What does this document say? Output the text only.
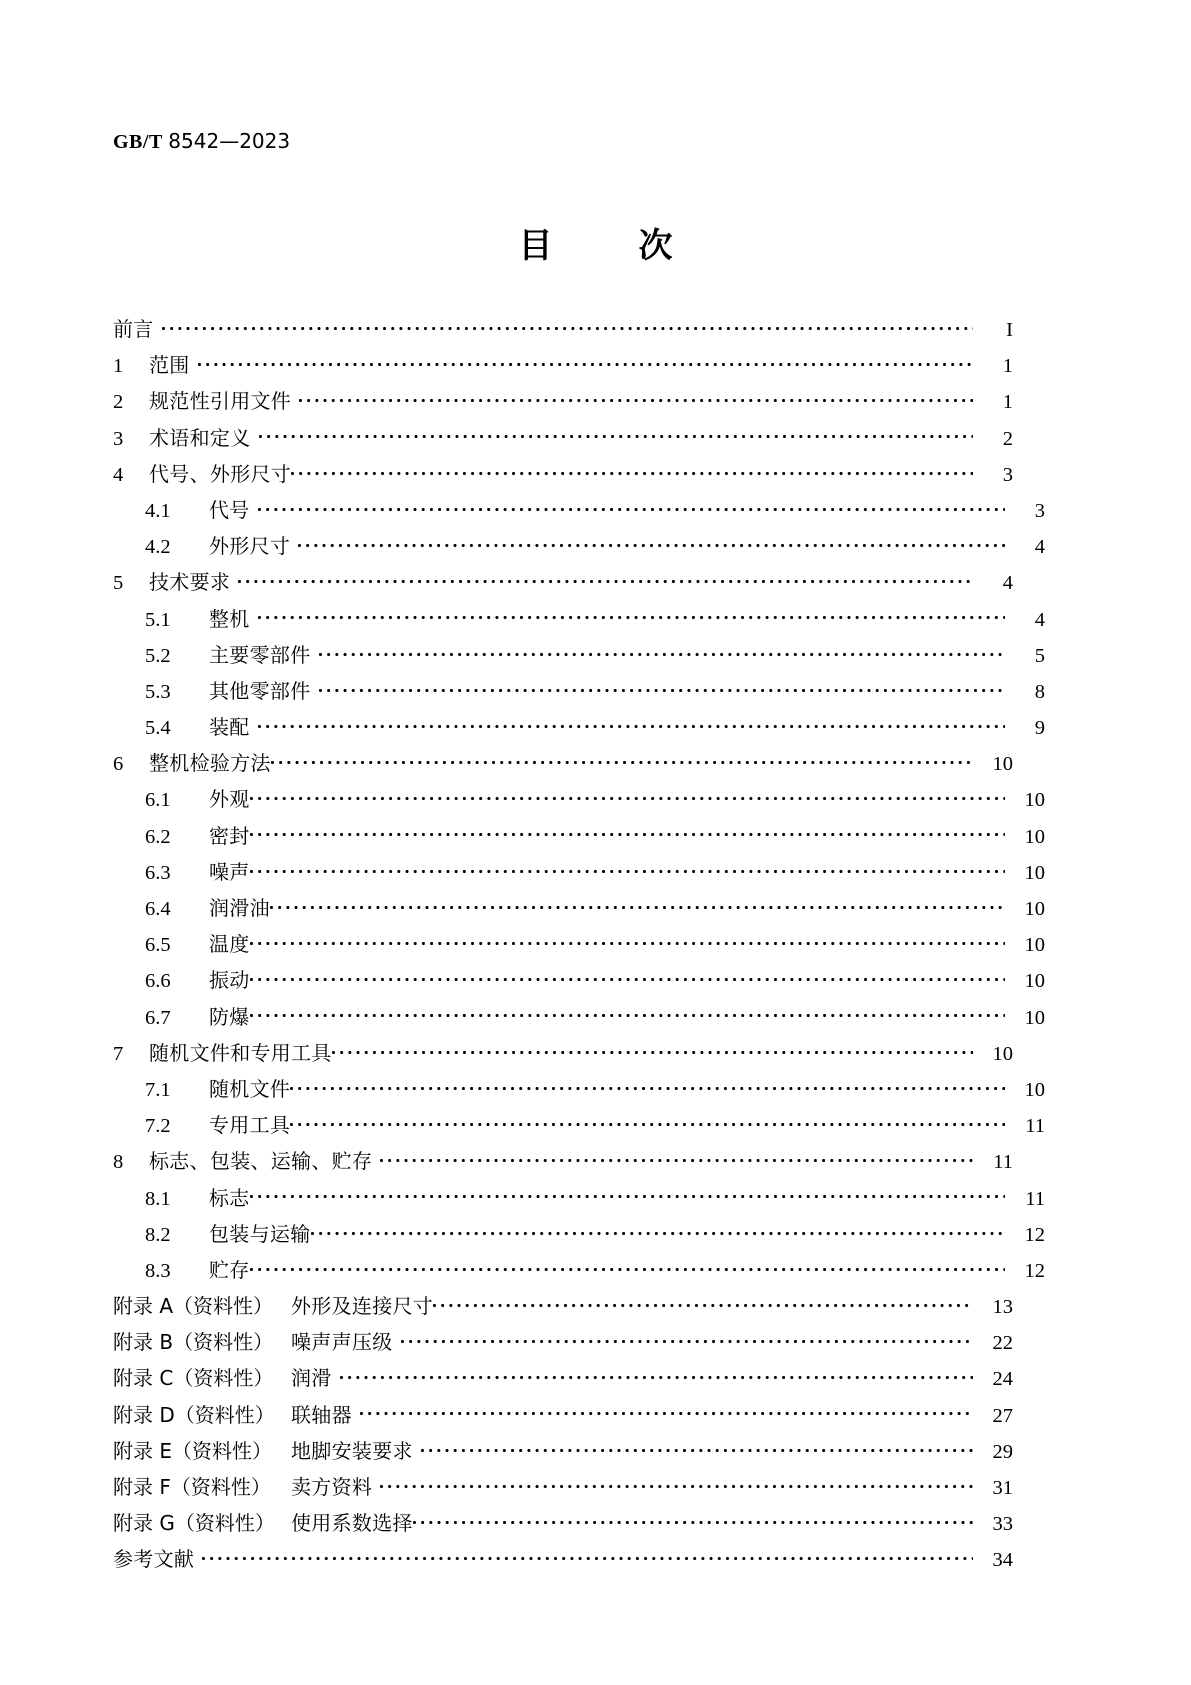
GB/T 8542—2023
目　次
前言	I
1	范围	1
2	规范性引用文件	1
3	术语和定义	2
4	代号、外形尺寸	3
4.1	代号	3
4.2	外形尺寸	4
5	技术要求	4
5.1	整机	4
5.2	主要零部件	5
5.3	其他零部件	8
5.4	装配	9
6	整机检验方法	10
6.1	外观	10
6.2	密封	10
6.3	噪声	10
6.4	润滑油	10
6.5	温度	10
6.6	振动	10
6.7	防爆	10
7	随机文件和专用工具	10
7.1	随机文件	10
7.2	专用工具	11
8	标志、包装、运输、贮存	11
8.1	标志	11
8.2	包装与运输	12
8.3	贮存	12
附录 A（资料性） 外形及连接尺寸	13
附录 B（资料性） 噪声声压级	22
附录 C（资料性） 润滑	24
附录 D（资料性） 联轴器	27
附录 E（资料性） 地脚安装要求	29
附录 F（资料性）	卖方资料	31
附录 G（资料性） 使用系数选择	33
参考文献	34
